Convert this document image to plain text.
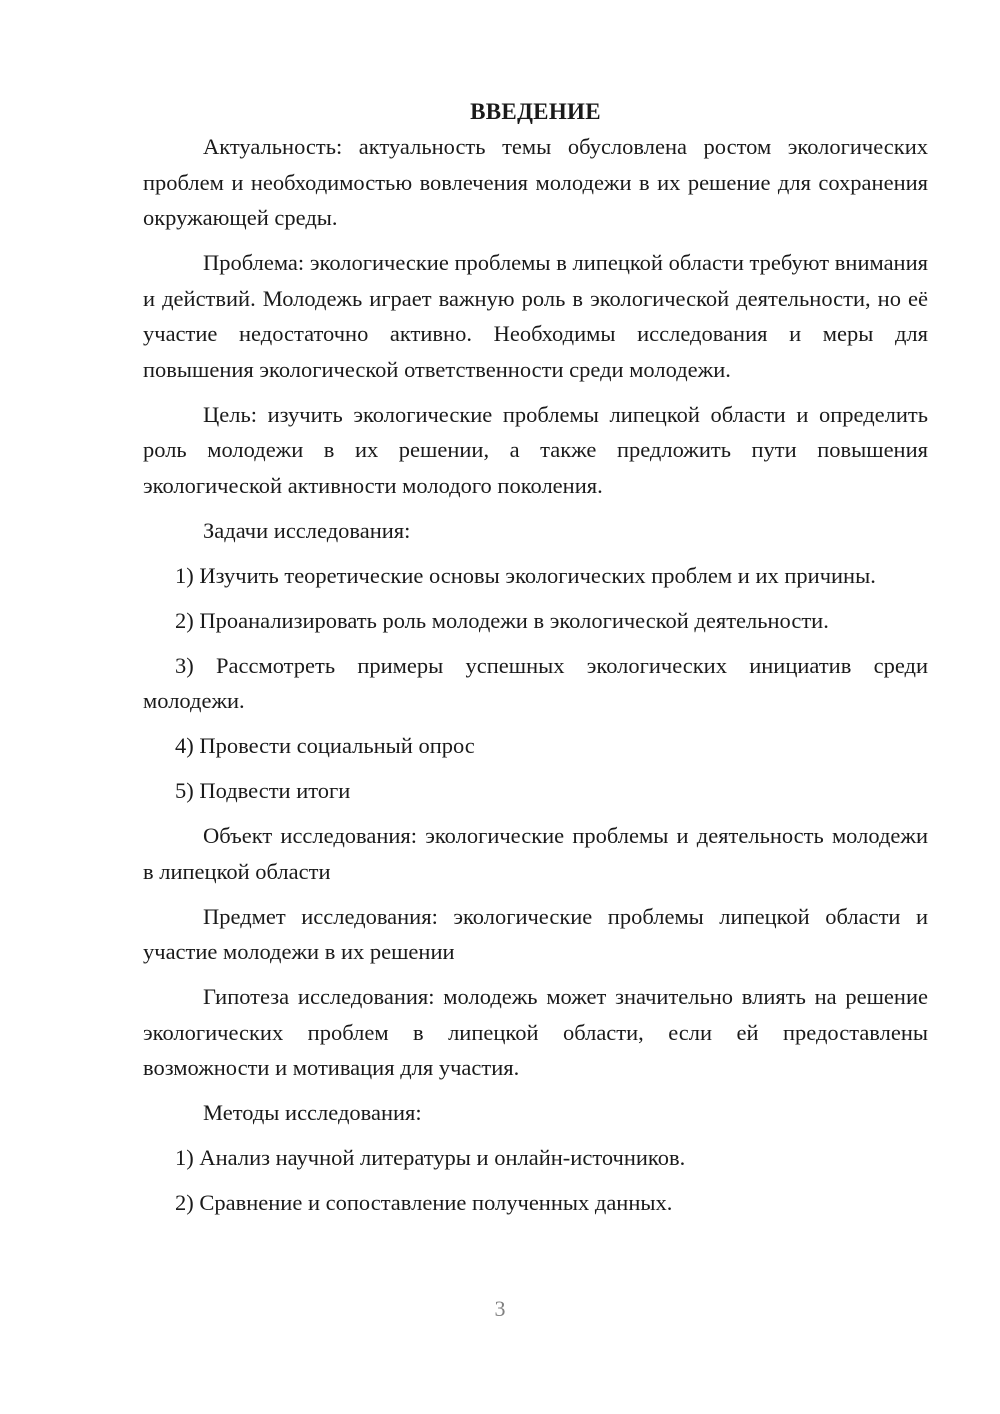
ВВЕДЕНИЕ

Актуальность: актуальность темы обусловлена ростом экологических проблем и необходимостью вовлечения молодежи в их решение для сохранения окружающей среды.

Проблема: экологические проблемы в липецкой области требуют внимания и действий. Молодежь играет важную роль в экологической деятельности, но её участие недостаточно активно. Необходимы исследования и меры для повышения экологической ответственности среди молодежи.

Цель: изучить экологические проблемы липецкой области и определить роль молодежи в их решении, а также предложить пути повышения экологической активности молодого поколения.

Задачи исследования:

1) Изучить теоретические основы экологических проблем и их причины.

2) Проанализировать роль молодежи в экологической деятельности.

3) Рассмотреть примеры успешных экологических инициатив среди молодежи.

4) Провести социальный опрос

5) Подвести итоги

Объект исследования: экологические проблемы и деятельность молодежи в липецкой области

Предмет исследования: экологические проблемы липецкой области и участие молодежи в их решении

Гипотеза исследования: молодежь может значительно влиять на решение экологических проблем в липецкой области, если ей предоставлены возможности и мотивация для участия.

Методы исследования:

1) Анализ научной литературы и онлайн-источников.

2) Сравнение и сопоставление полученных данных.

3
